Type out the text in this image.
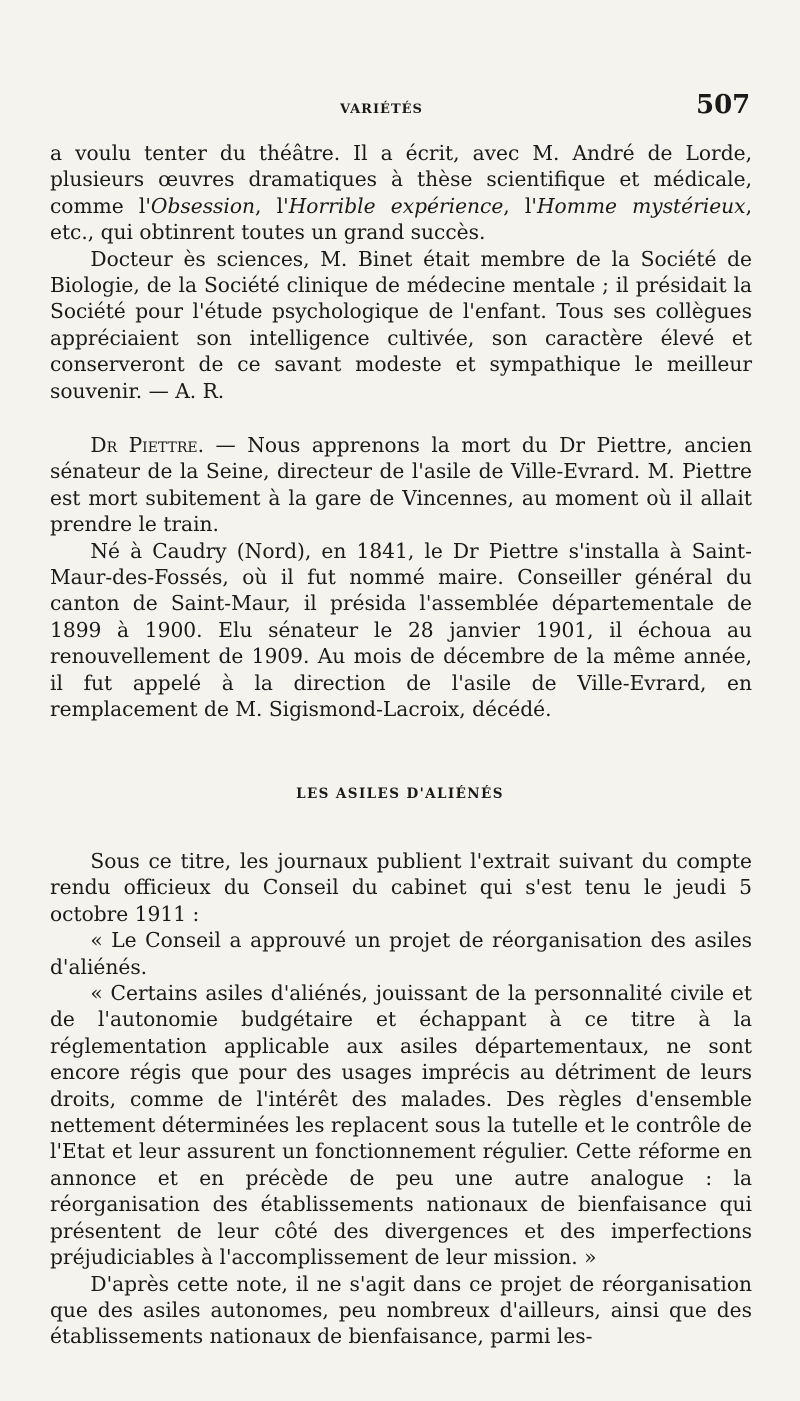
VARIÉTÉS	507

a voulu tenter du théâtre. Il a écrit, avec M. André de Lorde, plusieurs œuvres dramatiques à thèse scientifique et médicale, comme l'Obsession, l'Horrible expérience, l'Homme mystérieux, etc., qui obtinrent toutes un grand succès.

Docteur ès sciences, M. Binet était membre de la Société de Biologie, de la Société clinique de médecine mentale ; il présidait la Société pour l'étude psychologique de l'enfant. Tous ses collègues appréciaient son intelligence cultivée, son caractère élevé et conserveront de ce savant modeste et sympathique le meilleur souvenir. — A. R.

Dr Piettre. — Nous apprenons la mort du Dr Piettre, ancien sénateur de la Seine, directeur de l'asile de Ville-Evrard. M. Piettre est mort subitement à la gare de Vincennes, au moment où il allait prendre le train.

Né à Caudry (Nord), en 1841, le Dr Piettre s'installa à Saint-Maur-des-Fossés, où il fut nommé maire. Conseiller général du canton de Saint-Maur, il présida l'assemblée départementale de 1899 à 1900. Elu sénateur le 28 janvier 1901, il échoua au renouvellement de 1909. Au mois de décembre de la même année, il fut appelé à la direction de l'asile de Ville-Evrard, en remplacement de M. Sigismond-Lacroix, décédé.

LES ASILES D'ALIÉNÉS

Sous ce titre, les journaux publient l'extrait suivant du compte rendu officieux du Conseil du cabinet qui s'est tenu le jeudi 5 octobre 1911 :

« Le Conseil a approuvé un projet de réorganisation des asiles d'aliénés.

« Certains asiles d'aliénés, jouissant de la personnalité civile et de l'autonomie budgétaire et échappant à ce titre à la réglementation applicable aux asiles départementaux, ne sont encore régis que pour des usages imprécis au détriment de leurs droits, comme de l'intérêt des malades. Des règles d'ensemble nettement déterminées les replacent sous la tutelle et le contrôle de l'Etat et leur assurent un fonctionnement régulier. Cette réforme en annonce et en précède de peu une autre analogue : la réorganisation des établissements nationaux de bienfaisance qui présentent de leur côté des divergences et des imperfections préjudiciables à l'accomplissement de leur mission. »

D'après cette note, il ne s'agit dans ce projet de réorganisation que des asiles autonomes, peu nombreux d'ailleurs, ainsi que des établissements nationaux de bienfaisance, parmi les-
